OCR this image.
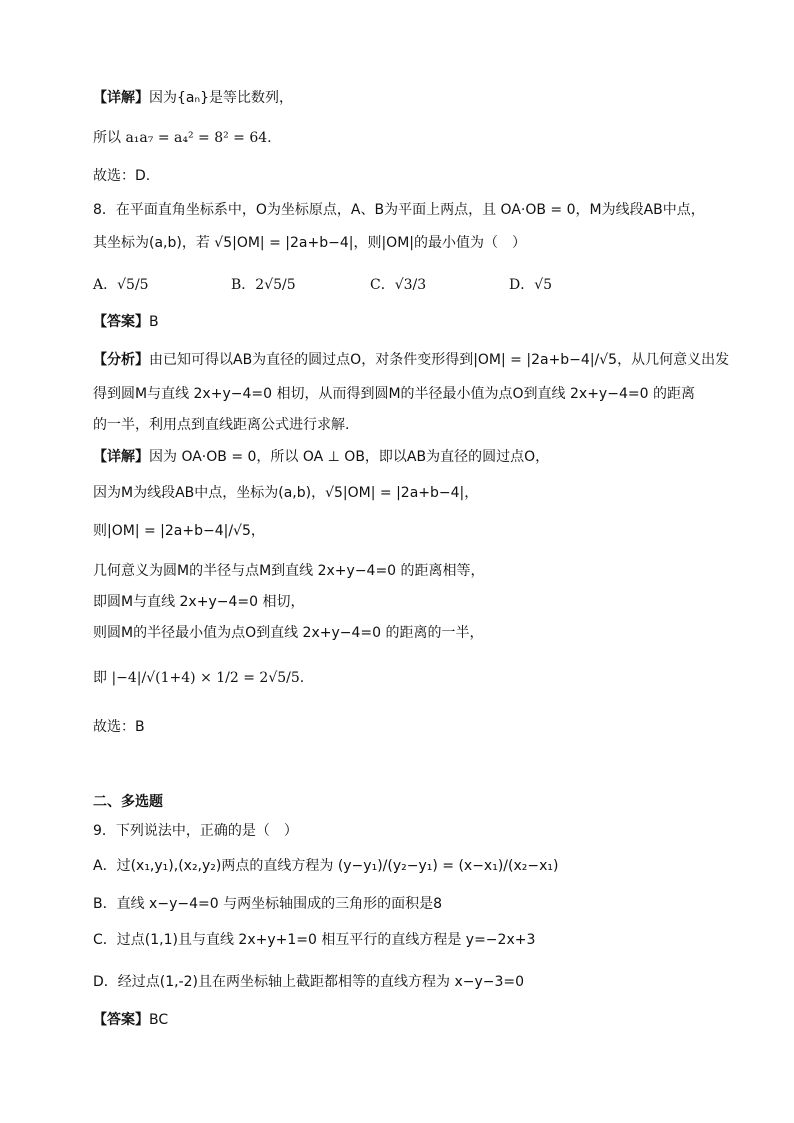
【详解】因为{aₙ}是等比数列，
所以 a₁a₇ = a₄² = 8² = 64.
故选：D.
8．在平面直角坐标系中，O为坐标原点，A、B为平面上两点，且 OA·OB = 0，M为线段AB中点，
其坐标为(a,b)，若 √5|OM| = |2a+b−4|，则|OM|的最小值为（　）
A．√5/5	B．2√5/5	C．√3/3	D．√5
【答案】B
【分析】由已知可得以AB为直径的圆过点O，对条件变形得到|OM| = |2a+b−4|/√5，从几何意义出发
得到圆M与直线 2x+y−4=0 相切，从而得到圆M的半径最小值为点O到直线 2x+y−4=0 的距离
的一半，利用点到直线距离公式进行求解.
【详解】因为 OA·OB = 0，所以 OA ⊥ OB，即以AB为直径的圆过点O，
因为M为线段AB中点，坐标为(a,b)，√5|OM| = |2a+b−4|，
则|OM| = |2a+b−4|/√5，
几何意义为圆M的半径与点M到直线 2x+y−4=0 的距离相等，
即圆M与直线 2x+y−4=0 相切，
则圆M的半径最小值为点O到直线 2x+y−4=0 的距离的一半，
即 |−4|/√(1+4) × 1/2 = 2√5/5.
故选：B
二、多选题
9．下列说法中，正确的是（　）
A．过(x₁,y₁),(x₂,y₂)两点的直线方程为 (y−y₁)/(y₂−y₁) = (x−x₁)/(x₂−x₁)
B．直线 x−y−4=0 与两坐标轴围成的三角形的面积是8
C．过点(1,1)且与直线 2x+y+1=0 相互平行的直线方程是 y=−2x+3
D．经过点(1,-2)且在两坐标轴上截距都相等的直线方程为 x−y−3=0
【答案】BC
